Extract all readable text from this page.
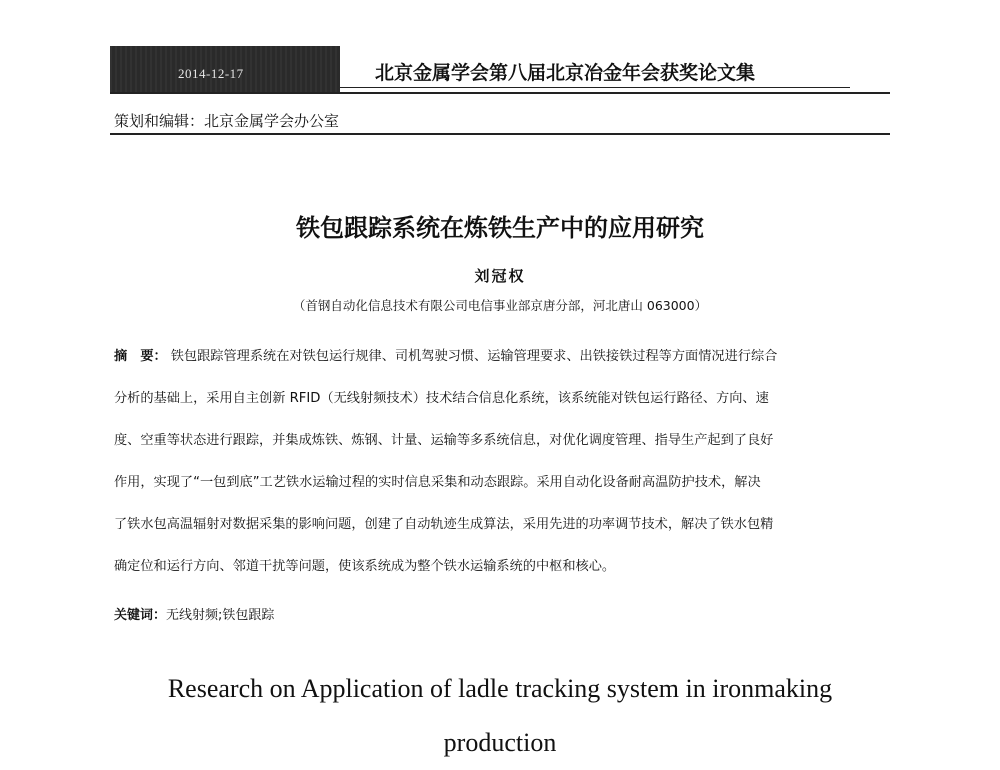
2014-12-17	北京金属学会第八届北京冶金年会获奖论文集
策划和编辑：北京金属学会办公室
铁包跟踪系统在炼铁生产中的应用研究
刘冠权
（首钢自动化信息技术有限公司电信事业部京唐分部，河北唐山 063000）
摘　要： 铁包跟踪管理系统在对铁包运行规律、司机驾驶习惯、运输管理要求、出铁接铁过程等方面情况进行综合
分析的基础上，采用自主创新 RFID（无线射频技术）技术结合信息化系统，该系统能对铁包运行路径、方向、速
度、空重等状态进行跟踪，并集成炼铁、炼钢、计量、运输等多系统信息，对优化调度管理、指导生产起到了良好
作用，实现了“一包到底”工艺铁水运输过程的实时信息采集和动态跟踪。采用自动化设备耐高温防护技术，解决
了铁水包高温辐射对数据采集的影响问题，创建了自动轨迹生成算法，采用先进的功率调节技术，解决了铁水包精
确定位和运行方向、邻道干扰等问题，使该系统成为整个铁水运输系统的中枢和核心。
关键词：无线射频;铁包跟踪
Research on Application of ladle tracking system in ironmaking
production
